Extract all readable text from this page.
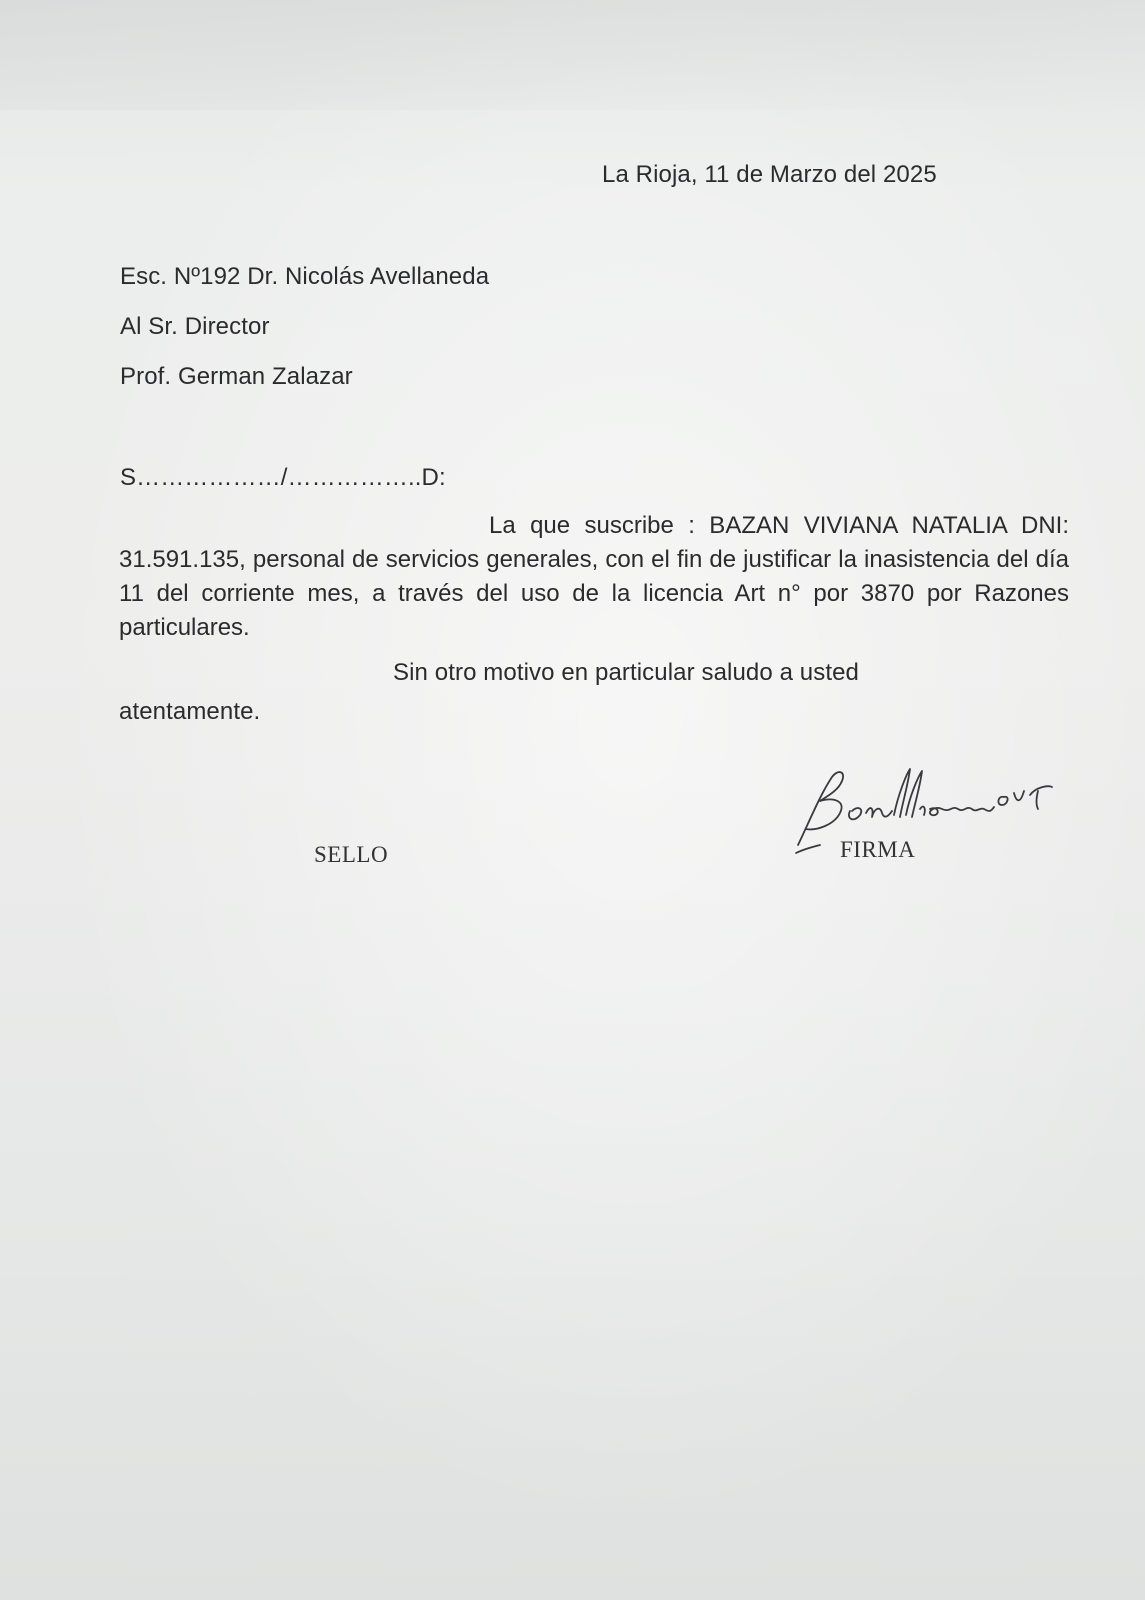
La Rioja, 11 de Marzo del 2025
Esc. Nº192 Dr. Nicolás Avellaneda
Al Sr. Director
Prof. German Zalazar
S………………/……………..D:
La que suscribe : BAZAN VIVIANA NATALIA DNI: 31.591.135, personal de servicios generales, con el fin de justificar la inasistencia del día 11 del corriente mes, a través del uso de la licencia Art n° por 3870 por Razones particulares.
Sin otro motivo en particular saludo a usted
atentamente.
SELLO	FIRMA
